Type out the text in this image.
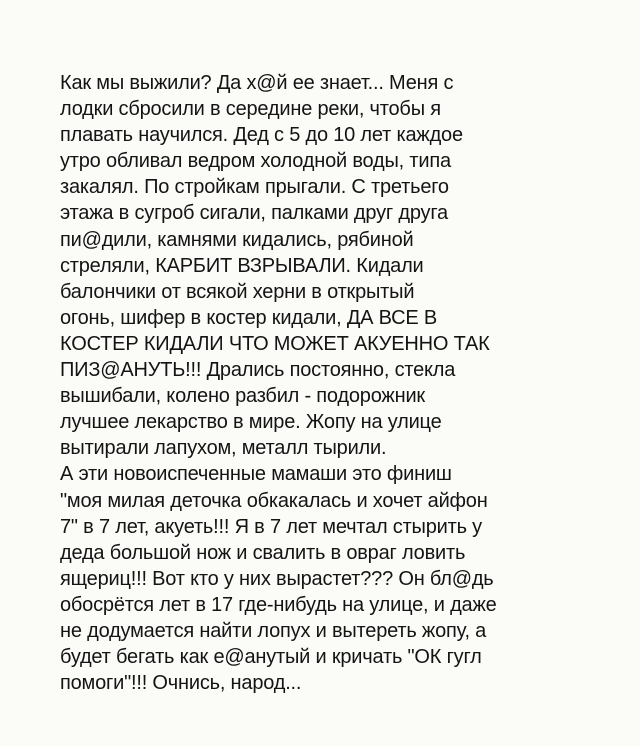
Как мы выжили? Да х@й ее знает... Меня с
лодки сбросили в середине реки, чтобы я
плавать научился. Дед с 5 до 10 лет каждое
утро обливал ведром холодной воды, типа
закалял. По стройкам прыгали. С третьего
этажа в сугроб сигали, палками друг друга
пи@дили, камнями кидались, рябиной
стреляли, КАРБИТ ВЗРЫВАЛИ. Кидали
балончики от всякой херни в открытый
огонь, шифер в костер кидали, ДА ВСЕ В
КОСТЕР КИДАЛИ ЧТО МОЖЕТ АКУЕННО ТАК
ПИЗ@АНУТЬ!!! Дрались постоянно, стекла
вышибали, колено разбил - подорожник
лучшее лекарство в мире. Жопу на улице
вытирали лапухом, металл тырили.
А эти новоиспеченные мамаши это финиш
"моя милая деточка обкакалась и хочет айфон
7" в 7 лет, акуеть!!! Я в 7 лет мечтал стырить у
деда большой нож и свалить в овраг ловить
ящериц!!! Вот кто у них вырастет??? Он бл@дь
обосрётся лет в 17 где-нибудь на улице, и даже
не додумается найти лопух и вытереть жопу, а
будет бегать как е@анутый и кричать "ОК гугл
помоги"!!! Очнись, народ...
